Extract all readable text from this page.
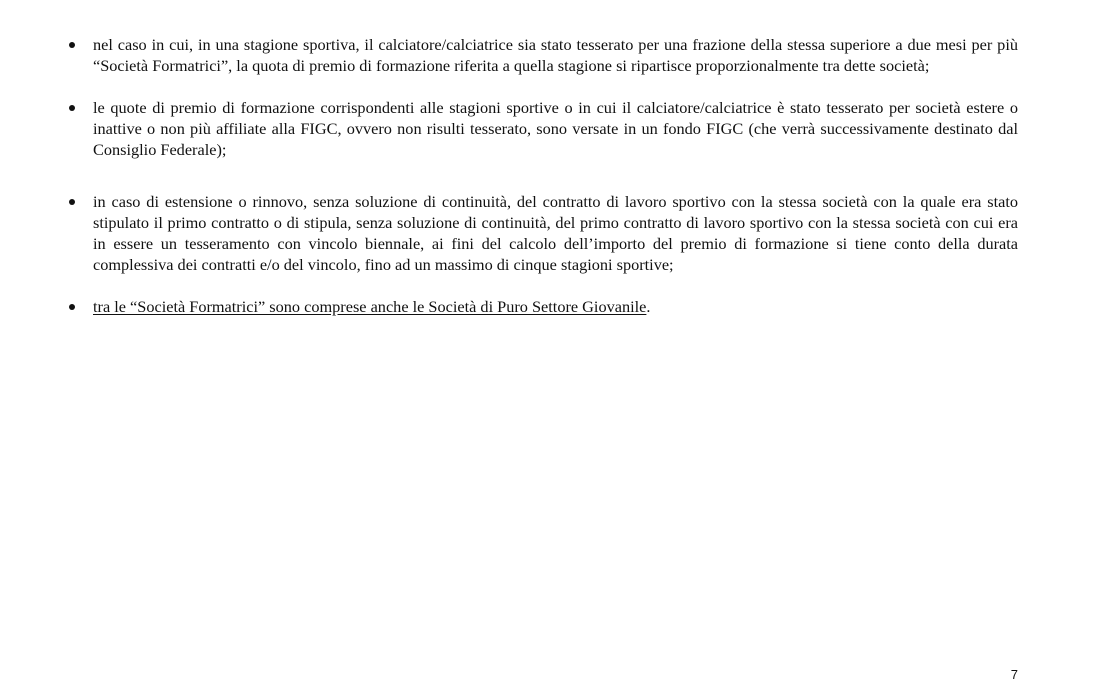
nel caso in cui, in una stagione sportiva, il calciatore/calciatrice sia stato tesserato per una frazione della stessa superiore a due mesi per più “Società Formatrici”, la quota di premio di formazione riferita a quella stagione si ripartisce proporzionalmente tra dette società;
le quote di premio di formazione corrispondenti alle stagioni sportive o in cui il calciatore/calciatrice è stato tesserato per società estere o inattive o non più affiliate alla FIGC, ovvero non risulti tesserato, sono versate in un fondo FIGC (che verrà successivamente destinato dal Consiglio Federale);
in caso di estensione o rinnovo, senza soluzione di continuità, del contratto di lavoro sportivo con la stessa società con la quale era stato stipulato il primo contratto o di stipula, senza soluzione di continuità, del primo contratto di lavoro sportivo con la stessa società con cui era in essere un tesseramento con vincolo biennale, ai fini del calcolo dell’importo del premio di formazione si tiene conto della durata complessiva dei contratti e/o del vincolo, fino ad un massimo di cinque stagioni sportive;
tra le “Società Formatrici” sono comprese anche le Società di Puro Settore Giovanile.
7
